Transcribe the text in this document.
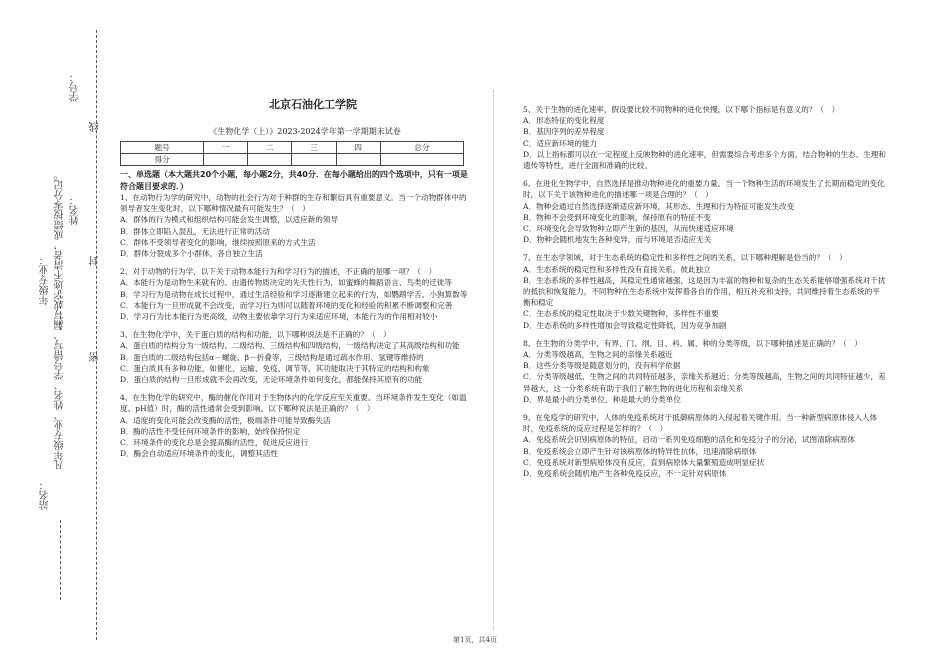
站名：
年级专业： 凡年级专业、姓名、学号错写、漏写或字迹不清者，成绩按零分记。 姓名：
学号：
线
封
密
北京石油化工学院
《生物化学（上）》2023-2024学年第一学期期末试卷
题号	一	二	三	四	总分
得分					

一、单选题（本大题共20个小题，每小题2分，共40分．在每小题给出的四个选项中，只有一项是符合题目要求的．）

1、在动物行为学的研究中，动物的社会行为对于种群的生存和繁衍具有重要意义。当一个动物群体中的领导者发生变化时，以下哪种情况最有可能发生？（　）

A．群体的行为模式和组织结构可能会发生调整，以适应新的领导

B．群体立即陷入混乱，无法进行正常的活动

C．群体不受领导者变化的影响，继续按照原来的方式生活

D．群体分裂成多个小群体，各自独立生活

2、对于动物的行为学，以下关于动物本能行为和学习行为的描述，不正确的是哪一项？（　）

A．本能行为是动物生来就有的、由遗传物质决定的先天性行为，如蜜蜂的舞蹈语言、鸟类的迁徙等

B．学习行为是动物在成长过程中，通过生活经验和学习逐渐建立起来的行为，如鹦鹉学舌、小狗算数等

C．本能行为一旦形成就不会改变，而学习行为则可以随着环境的变化和经验的积累不断调整和完善

D．学习行为比本能行为更高级，动物主要依靠学习行为来适应环境，本能行为的作用相对较小

3、在生物化学中，关于蛋白质的结构和功能，以下哪种说法是不正确的？（　）

A．蛋白质的结构分为一级结构、二级结构、三级结构和四级结构，一级结构决定了其高级结构和功能

B．蛋白质的二级结构包括α－螺旋、β－折叠等，三级结构是通过疏水作用、氢键等维持的

C．蛋白质具有多种功能，如催化、运输、免疫、调节等，其功能取决于其特定的结构和构象

D．蛋白质的结构一旦形成就不会再改变，无论环境条件如何变化，都能保持其原有的功能

4、在生物化学的研究中，酶的催化作用对于生物体内的化学反应至关重要。当环境条件发生变化（如温度、pH值）时，酶的活性通常会受到影响。以下哪种说法是正确的？（　）

A．适度的变化可能会改变酶的活性，极端条件可能导致酶失活

B．酶的活性不受任何环境条件的影响，始终保持恒定

C．环境条件的变化总是会提高酶的活性，促进反应进行

D．酶会自动适应环境条件的变化，调整其活性

5、关于生物的进化速率，假设要比较不同物种的进化快慢，以下哪个指标是有意义的？（　）

A．形态特征的变化程度

B．基因序列的差异程度

C．适应新环境的能力

D．以上指标都可以在一定程度上反映物种的进化速率，但需要综合考虑多个方面，结合物种的生态、生理和遗传等特性，进行全面和准确的比较。

6、在进化生物学中，自然选择是推动物种进化的重要力量。当一个物种生活的环境发生了长期而稳定的变化时，以下关于该物种进化的描述哪一项是合理的？（　）

A．物种会通过自然选择逐渐适应新环境，其形态、生理和行为特征可能发生改变

B．物种不会受到环境变化的影响，保持原有的特征不变

C．环境变化会导致物种立即产生新的基因，从而快速适应环境

D．物种会随机地发生各种变异，而与环境是否适应无关

7、在生态学领域，对于生态系统的稳定性和多样性之间的关系，以下哪种理解是恰当的？（　）

A．生态系统的稳定性和多样性没有直接关系，彼此独立

B．生态系统的多样性越高，其稳定性通常越强，这是因为丰富的物种和复杂的生态关系能够增强系统对干扰的抵抗和恢复能力，不同物种在生态系统中发挥着各自的作用，相互补充和支持，共同维持着生态系统的平衡和稳定

C．生态系统的稳定性取决于少数关键物种，多样性不重要

D．生态系统的多样性增加会导致稳定性降低，因为竞争加剧

8、在生物的分类学中，有界、门、纲、目、科、属、种的分类等级，以下哪种描述是正确的？（　）

A．分类等级越高，生物之间的亲缘关系越近

B．这些分类等级是随意划分的，没有科学依据

C．分类等级越低，生物之间的共同特征越多，亲缘关系越近；分类等级越高，生物之间的共同特征越少，差异越大，这一分类系统有助于我们了解生物的进化历程和亲缘关系

D．界是最小的分类单位，种是最大的分类单位

9、在免疫学的研究中，人体的免疫系统对于抵御病原体的入侵起着关键作用。当一种新型病原体侵入人体时，免疫系统的反应过程是怎样的？（　）

A．免疫系统会识别病原体的特征，启动一系列免疫细胞的活化和免疫分子的分泌，试图清除病原体

B．免疫系统会立即产生针对该病原体的特异性抗体，迅速清除病原体

C．免疫系统对新型病原体没有反应，直到病原体大量繁殖造成明显症状

D．免疫系统会随机地产生各种免疫反应，不一定针对病原体

第1页，共4页
